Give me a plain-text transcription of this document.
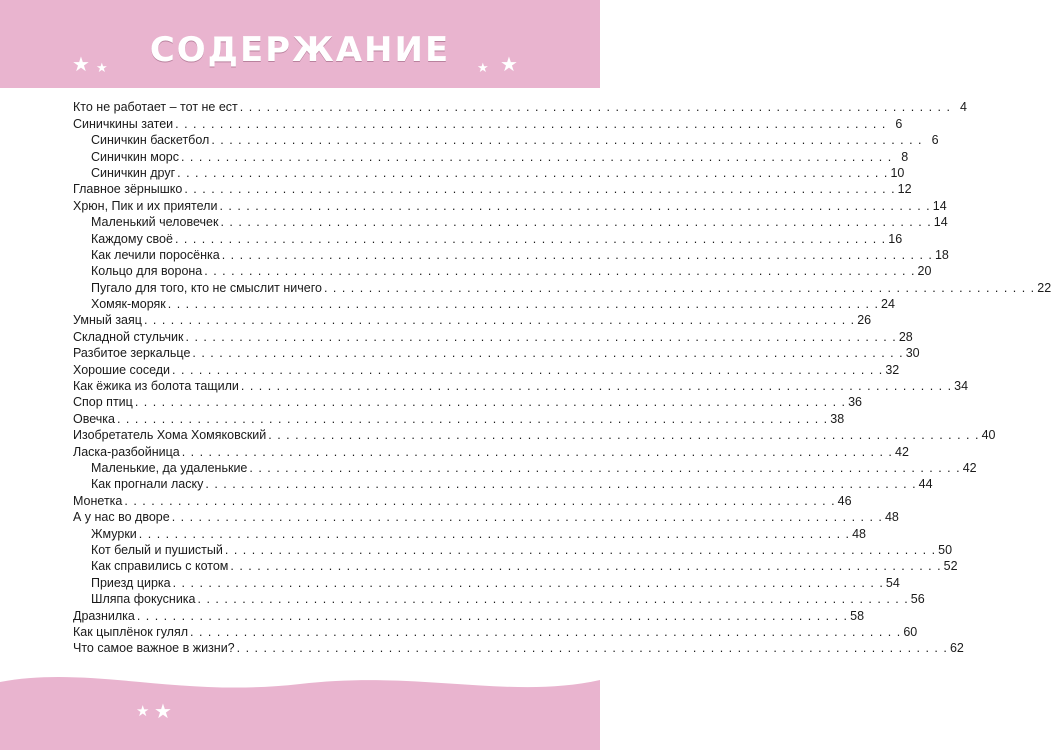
СОДЕРЖАНИЕ
★ ★	★ ★
Кто не работает – тот не ест . . . . . . . . . . . . . . . . . . . . . . . . . . . . . . . . . . . . . . . . . . . . . . . . . . . . . . . . . . . . . . . . . . . . . . . . . . . . . . . . 4
Синичкины затеи . . . . . . . . . . . . . . . . . . . . . . . . . . . . . . . . . . . . . . . . . . . . . . . . . . . . . . . . . . . . . . . . . . . . . . . . . . . . . . . . 6
Синичкин баскетбол . . . . . . . . . . . . . . . . . . . . . . . . . . . . . . . . . . . . . . . . . . . . . . . . . . . . . . . . . . . . . . . . . . . . . . . . . . . . . . . . 6
Синичкин морс . . . . . . . . . . . . . . . . . . . . . . . . . . . . . . . . . . . . . . . . . . . . . . . . . . . . . . . . . . . . . . . . . . . . . . . . . . . . . . . . 8
Синичкин друг . . . . . . . . . . . . . . . . . . . . . . . . . . . . . . . . . . . . . . . . . . . . . . . . . . . . . . . . . . . . . . . . . . . . . . . . . . . . . . . . 10
Главное зёрнышко . . . . . . . . . . . . . . . . . . . . . . . . . . . . . . . . . . . . . . . . . . . . . . . . . . . . . . . . . . . . . . . . . . . . . . . . . . . . . . . . 12
Хрюн, Пик и их приятели . . . . . . . . . . . . . . . . . . . . . . . . . . . . . . . . . . . . . . . . . . . . . . . . . . . . . . . . . . . . . . . . . . . . . . . . . . . . . . . . 14
Маленький человечек . . . . . . . . . . . . . . . . . . . . . . . . . . . . . . . . . . . . . . . . . . . . . . . . . . . . . . . . . . . . . . . . . . . . . . . . . . . . . . . . 14
Каждому своё . . . . . . . . . . . . . . . . . . . . . . . . . . . . . . . . . . . . . . . . . . . . . . . . . . . . . . . . . . . . . . . . . . . . . . . . . . . . . . . . 16
Как лечили поросёнка . . . . . . . . . . . . . . . . . . . . . . . . . . . . . . . . . . . . . . . . . . . . . . . . . . . . . . . . . . . . . . . . . . . . . . . . . . . . . . . . 18
Кольцо для ворона . . . . . . . . . . . . . . . . . . . . . . . . . . . . . . . . . . . . . . . . . . . . . . . . . . . . . . . . . . . . . . . . . . . . . . . . . . . . . . . . 20
Пугало для того, кто не смыслит ничего . . . . . . . . . . . . . . . . . . . . . . . . . . . . . . . . . . . . . . . . . . . . . . . . . . . . . . . . . . . . . . . . . . . . . . . . . . . . . . . . 22
Хомяк-моряк . . . . . . . . . . . . . . . . . . . . . . . . . . . . . . . . . . . . . . . . . . . . . . . . . . . . . . . . . . . . . . . . . . . . . . . . . . . . . . . . 24
Умный заяц . . . . . . . . . . . . . . . . . . . . . . . . . . . . . . . . . . . . . . . . . . . . . . . . . . . . . . . . . . . . . . . . . . . . . . . . . . . . . . . . 26
Складной стульчик . . . . . . . . . . . . . . . . . . . . . . . . . . . . . . . . . . . . . . . . . . . . . . . . . . . . . . . . . . . . . . . . . . . . . . . . . . . . . . . . 28
Разбитое зеркальце . . . . . . . . . . . . . . . . . . . . . . . . . . . . . . . . . . . . . . . . . . . . . . . . . . . . . . . . . . . . . . . . . . . . . . . . . . . . . . . . 30
Хорошие соседи . . . . . . . . . . . . . . . . . . . . . . . . . . . . . . . . . . . . . . . . . . . . . . . . . . . . . . . . . . . . . . . . . . . . . . . . . . . . . . . . 32
Как ёжика из болота тащили . . . . . . . . . . . . . . . . . . . . . . . . . . . . . . . . . . . . . . . . . . . . . . . . . . . . . . . . . . . . . . . . . . . . . . . . . . . . . . . . 34
Спор птиц . . . . . . . . . . . . . . . . . . . . . . . . . . . . . . . . . . . . . . . . . . . . . . . . . . . . . . . . . . . . . . . . . . . . . . . . . . . . . . . . 36
Овечка . . . . . . . . . . . . . . . . . . . . . . . . . . . . . . . . . . . . . . . . . . . . . . . . . . . . . . . . . . . . . . . . . . . . . . . . . . . . . . . . 38
Изобретатель Хома Хомяковский . . . . . . . . . . . . . . . . . . . . . . . . . . . . . . . . . . . . . . . . . . . . . . . . . . . . . . . . . . . . . . . . . . . . . . . . . . . . . . . . 40
Ласка-разбойница . . . . . . . . . . . . . . . . . . . . . . . . . . . . . . . . . . . . . . . . . . . . . . . . . . . . . . . . . . . . . . . . . . . . . . . . . . . . . . . . 42
Маленькие, да удаленькие . . . . . . . . . . . . . . . . . . . . . . . . . . . . . . . . . . . . . . . . . . . . . . . . . . . . . . . . . . . . . . . . . . . . . . . . . . . . . . . . 42
Как прогнали ласку . . . . . . . . . . . . . . . . . . . . . . . . . . . . . . . . . . . . . . . . . . . . . . . . . . . . . . . . . . . . . . . . . . . . . . . . . . . . . . . . 44
Монетка . . . . . . . . . . . . . . . . . . . . . . . . . . . . . . . . . . . . . . . . . . . . . . . . . . . . . . . . . . . . . . . . . . . . . . . . . . . . . . . . 46
А у нас во дворе . . . . . . . . . . . . . . . . . . . . . . . . . . . . . . . . . . . . . . . . . . . . . . . . . . . . . . . . . . . . . . . . . . . . . . . . . . . . . . . . 48
Жмурки . . . . . . . . . . . . . . . . . . . . . . . . . . . . . . . . . . . . . . . . . . . . . . . . . . . . . . . . . . . . . . . . . . . . . . . . . . . . . . . . 48
Кот белый и пушистый . . . . . . . . . . . . . . . . . . . . . . . . . . . . . . . . . . . . . . . . . . . . . . . . . . . . . . . . . . . . . . . . . . . . . . . . . . . . . . . . 50
Как справились с котом . . . . . . . . . . . . . . . . . . . . . . . . . . . . . . . . . . . . . . . . . . . . . . . . . . . . . . . . . . . . . . . . . . . . . . . . . . . . . . . . 52
Приезд цирка . . . . . . . . . . . . . . . . . . . . . . . . . . . . . . . . . . . . . . . . . . . . . . . . . . . . . . . . . . . . . . . . . . . . . . . . . . . . . . . . 54
Шляпа фокусника . . . . . . . . . . . . . . . . . . . . . . . . . . . . . . . . . . . . . . . . . . . . . . . . . . . . . . . . . . . . . . . . . . . . . . . . . . . . . . . . 56
Дразнилка . . . . . . . . . . . . . . . . . . . . . . . . . . . . . . . . . . . . . . . . . . . . . . . . . . . . . . . . . . . . . . . . . . . . . . . . . . . . . . . . 58
Как цыплёнок гулял . . . . . . . . . . . . . . . . . . . . . . . . . . . . . . . . . . . . . . . . . . . . . . . . . . . . . . . . . . . . . . . . . . . . . . . . . . . . . . . . 60
Что самое важное в жизни? . . . . . . . . . . . . . . . . . . . . . . . . . . . . . . . . . . . . . . . . . . . . . . . . . . . . . . . . . . . . . . . . . . . . . . . . . . . . . . . . 62
★ ★
